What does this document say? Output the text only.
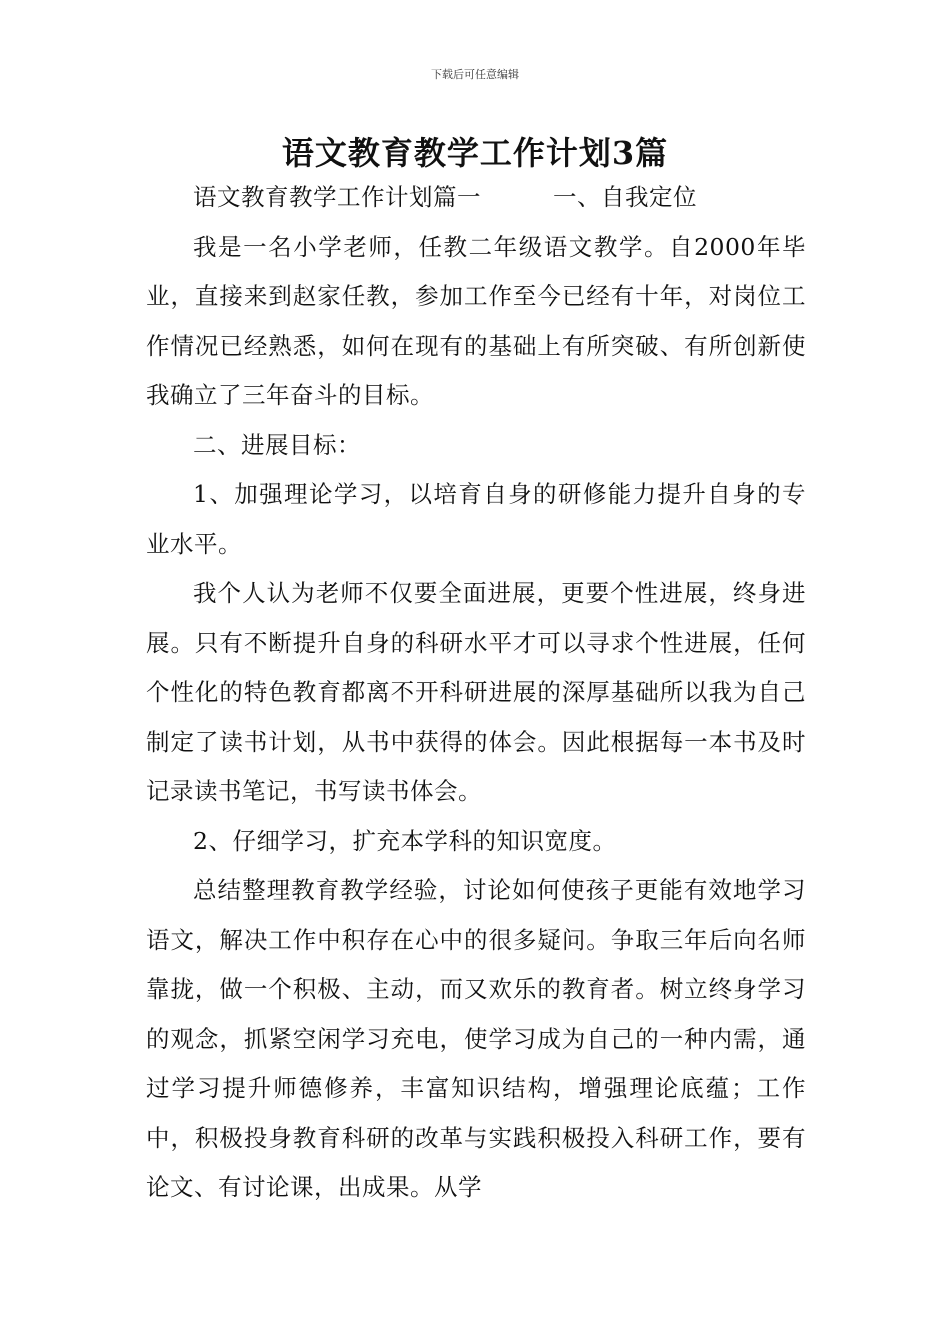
下载后可任意编辑
语文教育教学工作计划3篇

语文教育教学工作计划篇一　　　一、自我定位

我是一名小学老师，任教二年级语文教学。自2000年毕业，直接来到赵家任教，参加工作至今已经有十年，对岗位工作情况已经熟悉，如何在现有的基础上有所突破、有所创新使我确立了三年奋斗的目标。

二、进展目标：

1、加强理论学习，以培育自身的研修能力提升自身的专业水平。

我个人认为老师不仅要全面进展，更要个性进展，终身进展。只有不断提升自身的科研水平才可以寻求个性进展，任何个性化的特色教育都离不开科研进展的深厚基础所以我为自己制定了读书计划，从书中获得的体会。因此根据每一本书及时记录读书笔记，书写读书体会。

2、仔细学习，扩充本学科的知识宽度。

总结整理教育教学经验，讨论如何使孩子更能有效地学习语文，解决工作中积存在心中的很多疑问。争取三年后向名师靠拢，做一个积极、主动，而又欢乐的教育者。树立终身学习的观念，抓紧空闲学习充电，使学习成为自己的一种内需，通过学习提升师德修养，丰富知识结构，增强理论底蕴；工作中，积极投身教育科研的改革与实践积极投入科研工作，要有论文、有讨论课，出成果。从学
